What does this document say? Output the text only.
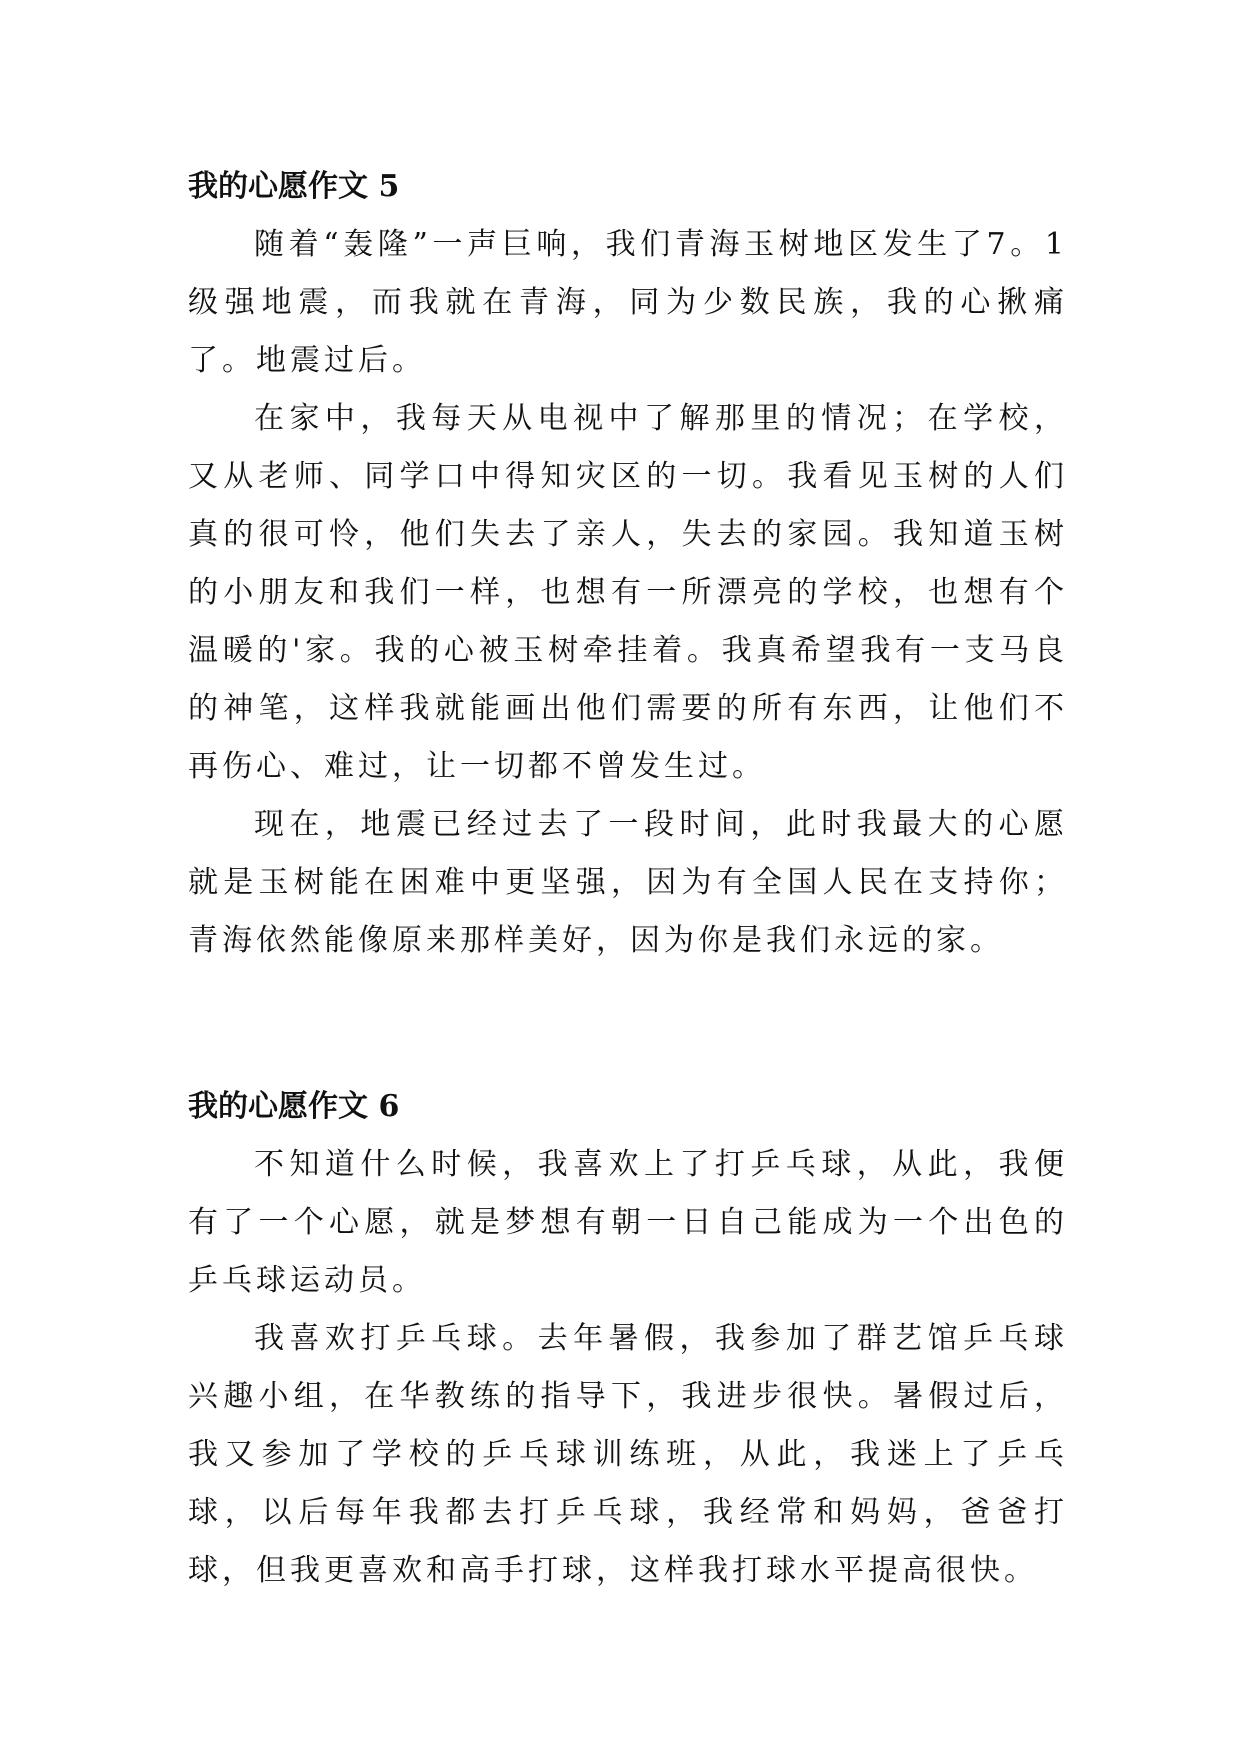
我的心愿作文 5

随着“轰隆”一声巨响，我们青海玉树地区发生了7。1级强地震，而我就在青海，同为少数民族，我的心揪痛了。地震过后。

在家中，我每天从电视中了解那里的情况；在学校，又从老师、同学口中得知灾区的一切。我看见玉树的人们真的很可怜，他们失去了亲人，失去的家园。我知道玉树的小朋友和我们一样，也想有一所漂亮的学校，也想有个温暖的'家。我的心被玉树牵挂着。我真希望我有一支马良的神笔，这样我就能画出他们需要的所有东西，让他们不再伤心、难过，让一切都不曾发生过。

现在，地震已经过去了一段时间，此时我最大的心愿就是玉树能在困难中更坚强，因为有全国人民在支持你；青海依然能像原来那样美好，因为你是我们永远的家。

我的心愿作文 6

不知道什么时候，我喜欢上了打乒乓球，从此，我便有了一个心愿，就是梦想有朝一日自己能成为一个出色的乒乓球运动员。

我喜欢打乒乓球。去年暑假，我参加了群艺馆乒乓球兴趣小组，在华教练的指导下，我进步很快。暑假过后，我又参加了学校的乒乓球训练班，从此，我迷上了乒乓球，以后每年我都去打乒乓球，我经常和妈妈，爸爸打球，但我更喜欢和高手打球，这样我打球水平提高很快。
